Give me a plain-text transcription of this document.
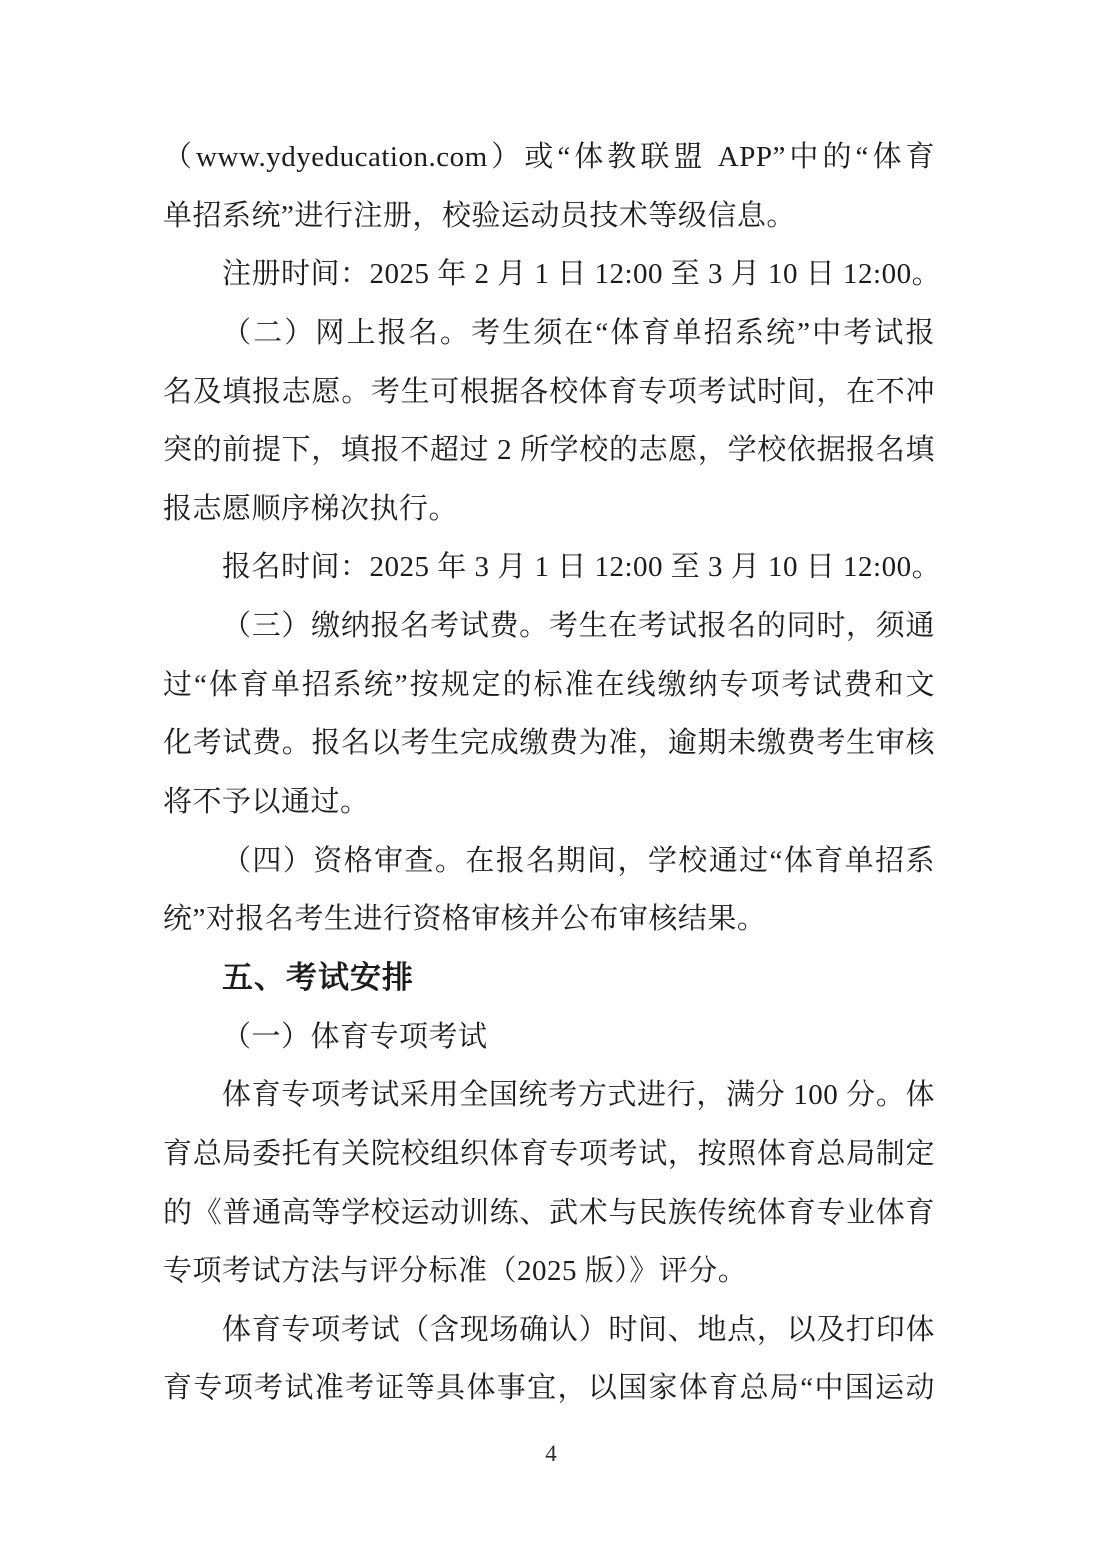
（www.ydyeducation.com）或“体教联盟 APP”中的“体育
单招系统”进行注册，校验运动员技术等级信息。
注册时间：2025 年 2 月 1 日 12:00 至 3 月 10 日 12:00。
（二）网上报名。考生须在“体育单招系统”中考试报
名及填报志愿。考生可根据各校体育专项考试时间，在不冲
突的前提下，填报不超过 2 所学校的志愿，学校依据报名填
报志愿顺序梯次执行。
报名时间：2025 年 3 月 1 日 12:00 至 3 月 10 日 12:00。
（三）缴纳报名考试费。考生在考试报名的同时，须通
过“体育单招系统”按规定的标准在线缴纳专项考试费和文
化考试费。报名以考生完成缴费为准，逾期未缴费考生审核
将不予以通过。
（四）资格审查。在报名期间，学校通过“体育单招系
统”对报名考生进行资格审核并公布审核结果。
五、考试安排
（一）体育专项考试
体育专项考试采用全国统考方式进行，满分 100 分。体
育总局委托有关院校组织体育专项考试，按照体育总局制定
的《普通高等学校运动训练、武术与民族传统体育专业体育
专项考试方法与评分标准（2025 版）》评分。
体育专项考试（含现场确认）时间、地点，以及打印体
育专项考试准考证等具体事宜，以国家体育总局“中国运动
4
